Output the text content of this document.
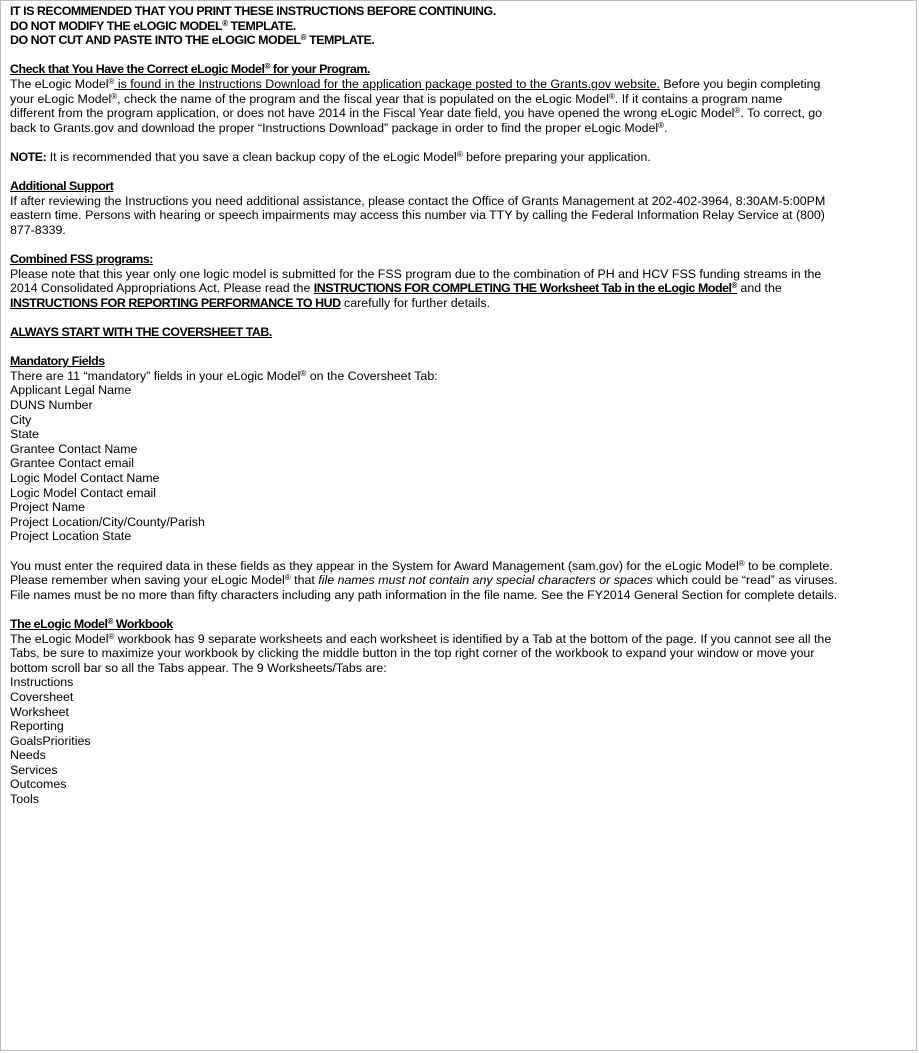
IT IS RECOMMENDED THAT YOU PRINT THESE INSTRUCTIONS BEFORE CONTINUING.
DO NOT MODIFY THE eLOGIC MODEL® TEMPLATE.
DO NOT CUT AND PASTE INTO THE eLOGIC MODEL® TEMPLATE.
Check that You Have the Correct eLogic Model® for your Program.
The eLogic Model® is found in the Instructions Download for the application package posted to the Grants.gov website. Before you begin completing
your eLogic Model®, check the name of the program and the fiscal year that is populated on the eLogic Model®. If it contains a program name
different from the program application, or does not have 2014 in the Fiscal Year date field, you have opened the wrong eLogic Model®. To correct, go
back to Grants.gov and download the proper “Instructions Download” package in order to find the proper eLogic Model®.
NOTE: It is recommended that you save a clean backup copy of the eLogic Model® before preparing your application.
Additional Support
If after reviewing the Instructions you need additional assistance, please contact the Office of Grants Management at 202-402-3964, 8:30AM-5:00PM
eastern time. Persons with hearing or speech impairments may access this number via TTY by calling the Federal Information Relay Service at (800)
877-8339.
Combined FSS programs:
Please note that this year only one logic model is submitted for the FSS program due to the combination of PH and HCV FSS funding streams in the
2014 Consolidated Appropriations Act. Please read the INSTRUCTIONS FOR COMPLETING THE Worksheet Tab in the eLogic Model® and the
INSTRUCTIONS FOR REPORTING PERFORMANCE TO HUD carefully for further details.
ALWAYS START WITH THE COVERSHEET TAB.
Mandatory Fields
There are 11 “mandatory” fields in your eLogic Model® on the Coversheet Tab:
Applicant Legal Name
DUNS Number
City
State
Grantee Contact Name
Grantee Contact email
Logic Model Contact Name
Logic Model Contact email
Project Name
Project Location/City/County/Parish
Project Location State
You must enter the required data in these fields as they appear in the System for Award Management (sam.gov) for the eLogic Model® to be complete.
Please remember when saving your eLogic Model® that file names must not contain any special characters or spaces which could be “read” as viruses.
File names must be no more than fifty characters including any path information in the file name. See the FY2014 General Section for complete details.
The eLogic Model® Workbook
The eLogic Model® workbook has 9 separate worksheets and each worksheet is identified by a Tab at the bottom of the page. If you cannot see all the
Tabs, be sure to maximize your workbook by clicking the middle button in the top right corner of the workbook to expand your window or move your
bottom scroll bar so all the Tabs appear. The 9 Worksheets/Tabs are:
Instructions
Coversheet
Worksheet
Reporting
GoalsPriorities
Needs
Services
Outcomes
Tools
